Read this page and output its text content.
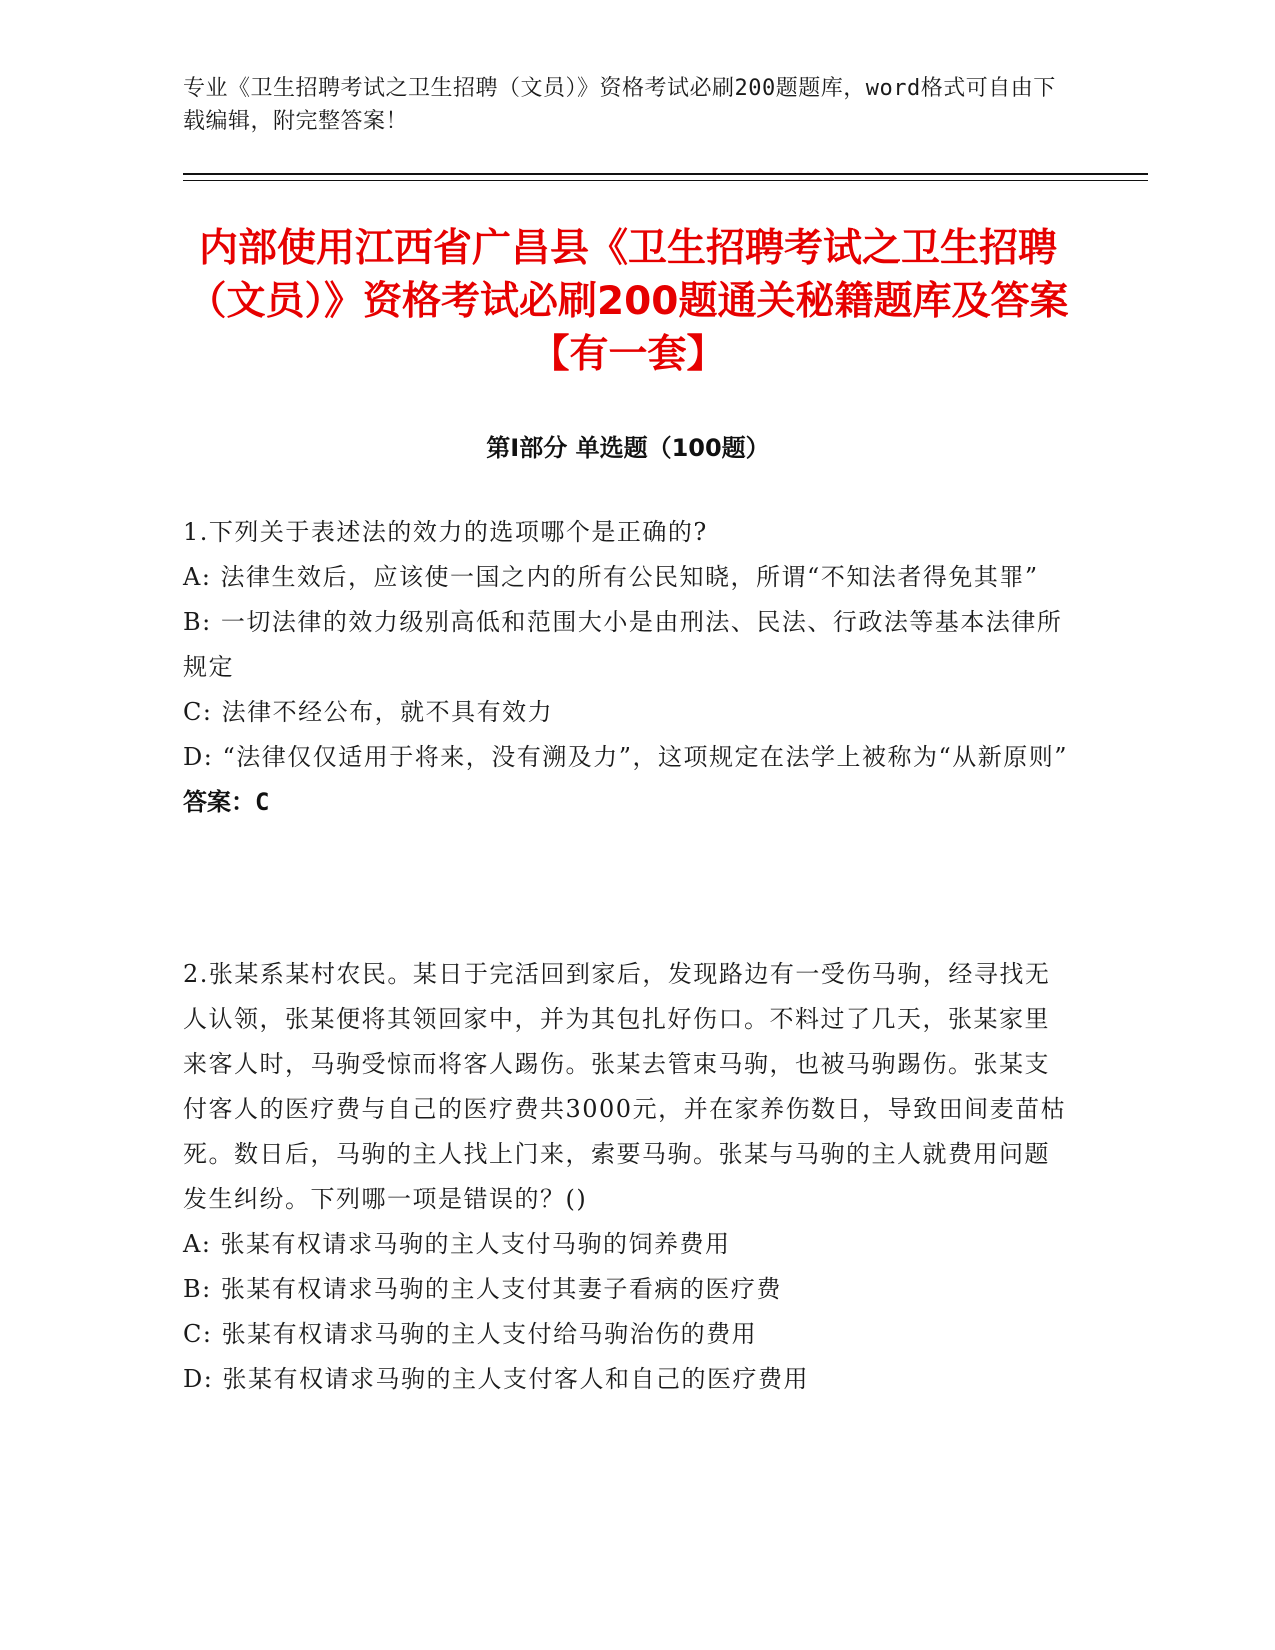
专业《卫生招聘考试之卫生招聘（文员）》资格考试必刷200题题库，word格式可自由下载编辑，附完整答案！
内部使用江西省广昌县《卫生招聘考试之卫生招聘（文员）》资格考试必刷200题通关秘籍题库及答案【有一套】
第Ⅰ部分 单选题（100题）

1.下列关于表述法的效力的选项哪个是正确的?

A: 法律生效后，应该使一国之内的所有公民知晓，所谓“不知法者得免其罪”

B: 一切法律的效力级别高低和范围大小是由刑法、民法、行政法等基本法律所规定

C: 法律不经公布，就不具有效力

D: “法律仅仅适用于将来，没有溯及力”，这项规定在法学上被称为“从新原则”

答案：C

2.张某系某村农民。某日于完活回到家后，发现路边有一受伤马驹，经寻找无人认领，张某便将其领回家中，并为其包扎好伤口。不料过了几天，张某家里来客人时，马驹受惊而将客人踢伤。张某去管束马驹，也被马驹踢伤。张某支付客人的医疗费与自己的医疗费共3000元，并在家养伤数日，导致田间麦苗枯死。数日后，马驹的主人找上门来，索要马驹。张某与马驹的主人就费用问题发生纠纷。下列哪一项是错误的？()

A: 张某有权请求马驹的主人支付马驹的饲养费用

B: 张某有权请求马驹的主人支付其妻子看病的医疗费

C: 张某有权请求马驹的主人支付给马驹治伤的费用

D: 张某有权请求马驹的主人支付客人和自己的医疗费用
